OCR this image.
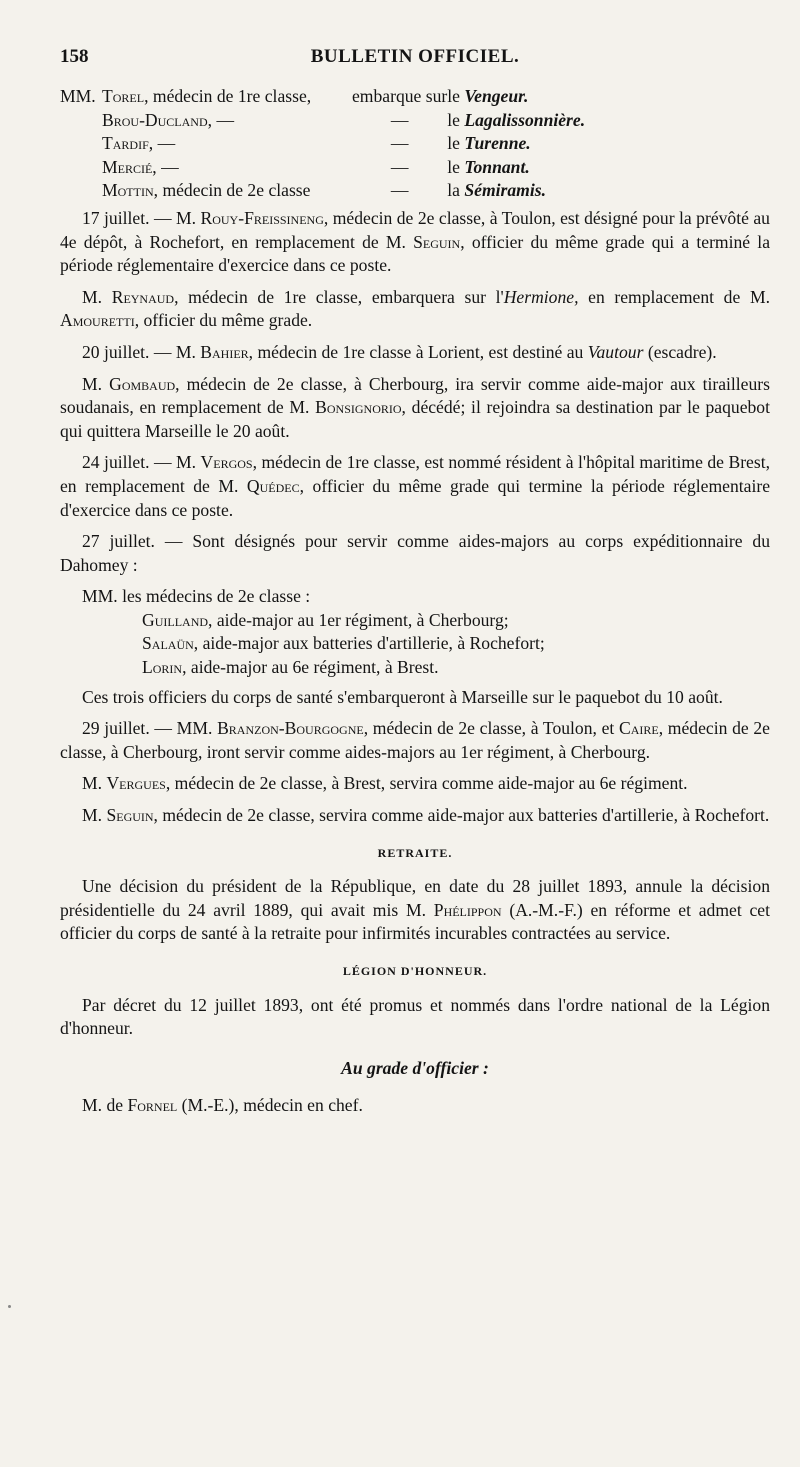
158	BULLETIN OFFICIEL.
MM.	Torel, médecin de 1re classe,	embarque sur	le Vengeur.
	Brou-Ducland, —	—	le Lagalissonnière.
	Tardif, —	—	le Turenne.
	Mercié, —	—	le Tonnant.
	Mottin, médecin de 2e classe	—	la Sémiramis.

17 juillet. — M. Rouy-Freissineng, médecin de 2e classe, à Toulon, est désigné pour la prévôté au 4e dépôt, à Rochefort, en remplacement de M. Seguin, officier du même grade qui a terminé la période réglementaire d'exercice dans ce poste.

M. Reynaud, médecin de 1re classe, embarquera sur l'Hermione, en remplacement de M. Amouretti, officier du même grade.

20 juillet. — M. Bahier, médecin de 1re classe à Lorient, est destiné au Vautour (escadre).

M. Gombaud, médecin de 2e classe, à Cherbourg, ira servir comme aide-major aux tirailleurs soudanais, en remplacement de M. Bonsignorio, décédé; il rejoindra sa destination par le paquebot qui quittera Marseille le 20 août.

24 juillet. — M. Vergos, médecin de 1re classe, est nommé résident à l'hôpital maritime de Brest, en remplacement de M. Quédec, officier du même grade qui termine la période réglementaire d'exercice dans ce poste.

27 juillet. — Sont désignés pour servir comme aides-majors au corps expéditionnaire du Dahomey :

MM. les médecins de 2e classe :
Guilland, aide-major au 1er régiment, à Cherbourg;
Salaün, aide-major aux batteries d'artillerie, à Rochefort;
Lorin, aide-major au 6e régiment, à Brest.

Ces trois officiers du corps de santé s'embarqueront à Marseille sur le paquebot du 10 août.

29 juillet. — MM. Branzon-Bourgogne, médecin de 2e classe, à Toulon, et Caire, médecin de 2e classe, à Cherbourg, iront servir comme aides-majors au 1er régiment, à Cherbourg.

M. Vergues, médecin de 2e classe, à Brest, servira comme aide-major au 6e régiment.

M. Seguin, médecin de 2e classe, servira comme aide-major aux batteries d'artillerie, à Rochefort.

RETRAITE.

Une décision du président de la République, en date du 28 juillet 1893, annule la décision présidentielle du 24 avril 1889, qui avait mis M. Phélippon (A.-M.-F.) en réforme et admet cet officier du corps de santé à la retraite pour infirmités incurables contractées au service.

LÉGION D'HONNEUR.

Par décret du 12 juillet 1893, ont été promus et nommés dans l'ordre national de la Légion d'honneur.

Au grade d'officier :

M. de Fornel (M.-E.), médecin en chef.
